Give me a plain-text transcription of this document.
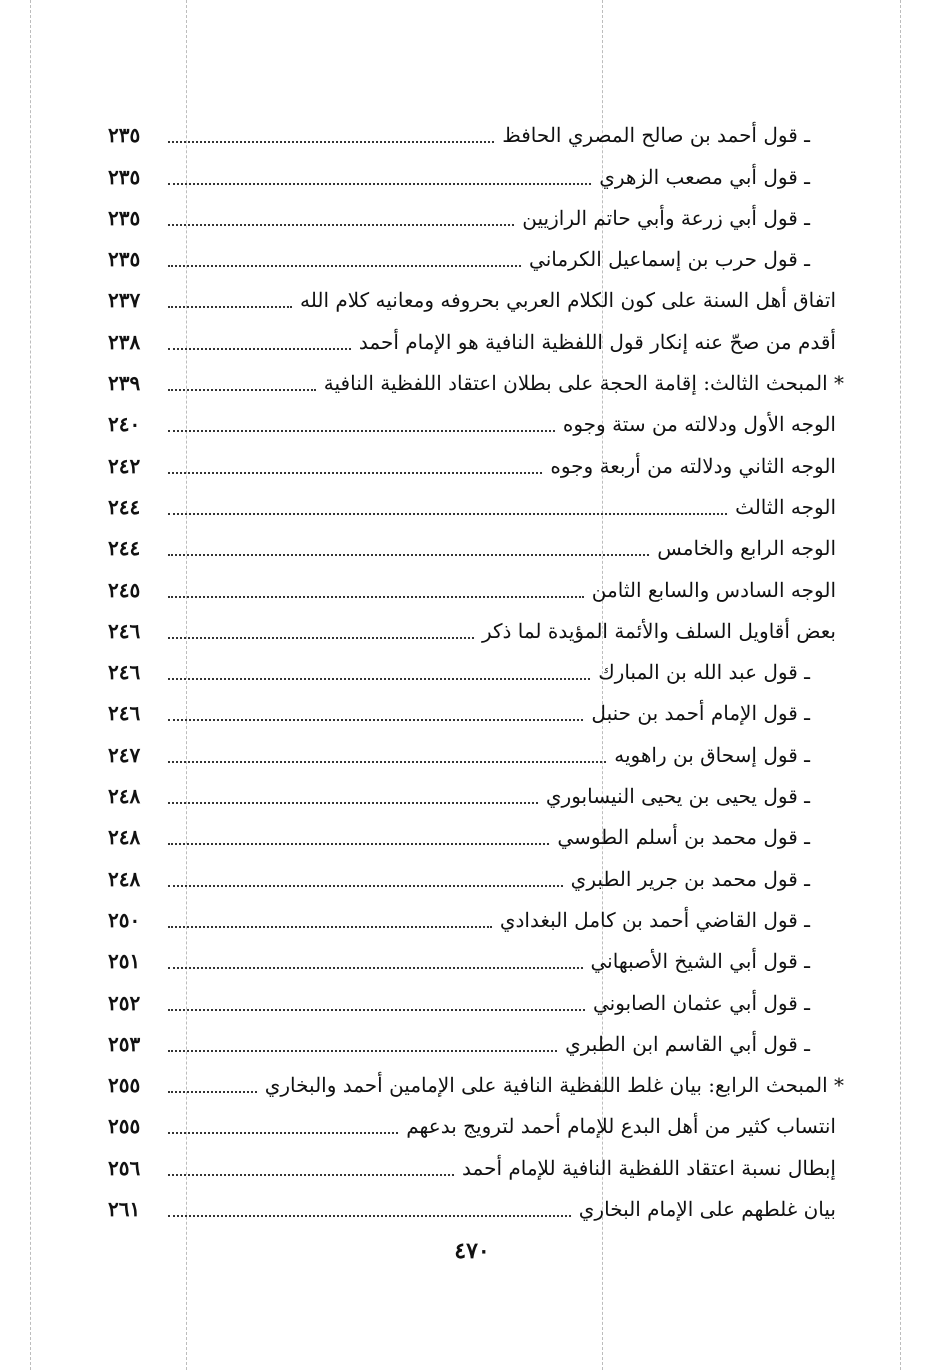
ـ قول أحمد بن صالح المصري الحافظ
٢٣٥
ـ قول أبي مصعب الزهري
٢٣٥
ـ قول أبي زرعة وأبي حاتم الرازيين
٢٣٥
ـ قول حرب بن إسماعيل الكرماني
٢٣٥
اتفاق أهل السنة على كون الكلام العربي بحروفه ومعانيه كلام الله
٢٣٧
أقدم من صحّ عنه إنكار قول اللفظية النافية هو الإمام أحمد
٢٣٨
* المبحث الثالث: إقامة الحجة على بطلان اعتقاد اللفظية النافية
٢٣٩
الوجه الأول ودلالته من ستة وجوه
٢٤٠
الوجه الثاني ودلالته من أربعة وجوه
٢٤٢
الوجه الثالث
٢٤٤
الوجه الرابع والخامس
٢٤٤
الوجه السادس والسابع الثامن
٢٤٥
بعض أقاويل السلف والأئمة المؤيدة لما ذكر
٢٤٦
ـ قول عبد الله بن المبارك
٢٤٦
ـ قول الإمام أحمد بن حنبل
٢٤٦
ـ قول إسحاق بن راهويه
٢٤٧
ـ قول يحيى بن يحيى النيسابوري
٢٤٨
ـ قول محمد بن أسلم الطوسي
٢٤٨
ـ قول محمد بن جرير الطبري
٢٤٨
ـ قول القاضي أحمد بن كامل البغدادي
٢٥٠
ـ قول أبي الشيخ الأصبهاني
٢٥١
ـ قول أبي عثمان الصابوني
٢٥٢
ـ قول أبي القاسم ابن الطبري
٢٥٣
* المبحث الرابع: بيان غلط اللفظية النافية على الإمامين أحمد والبخاري
٢٥٥
انتساب كثير من أهل البدع للإمام أحمد لترويج بدعهم
٢٥٥
إبطال نسبة اعتقاد اللفظية النافية للإمام أحمد
٢٥٦
بيان غلطهم على الإمام البخاري
٢٦١
٤٧٠
